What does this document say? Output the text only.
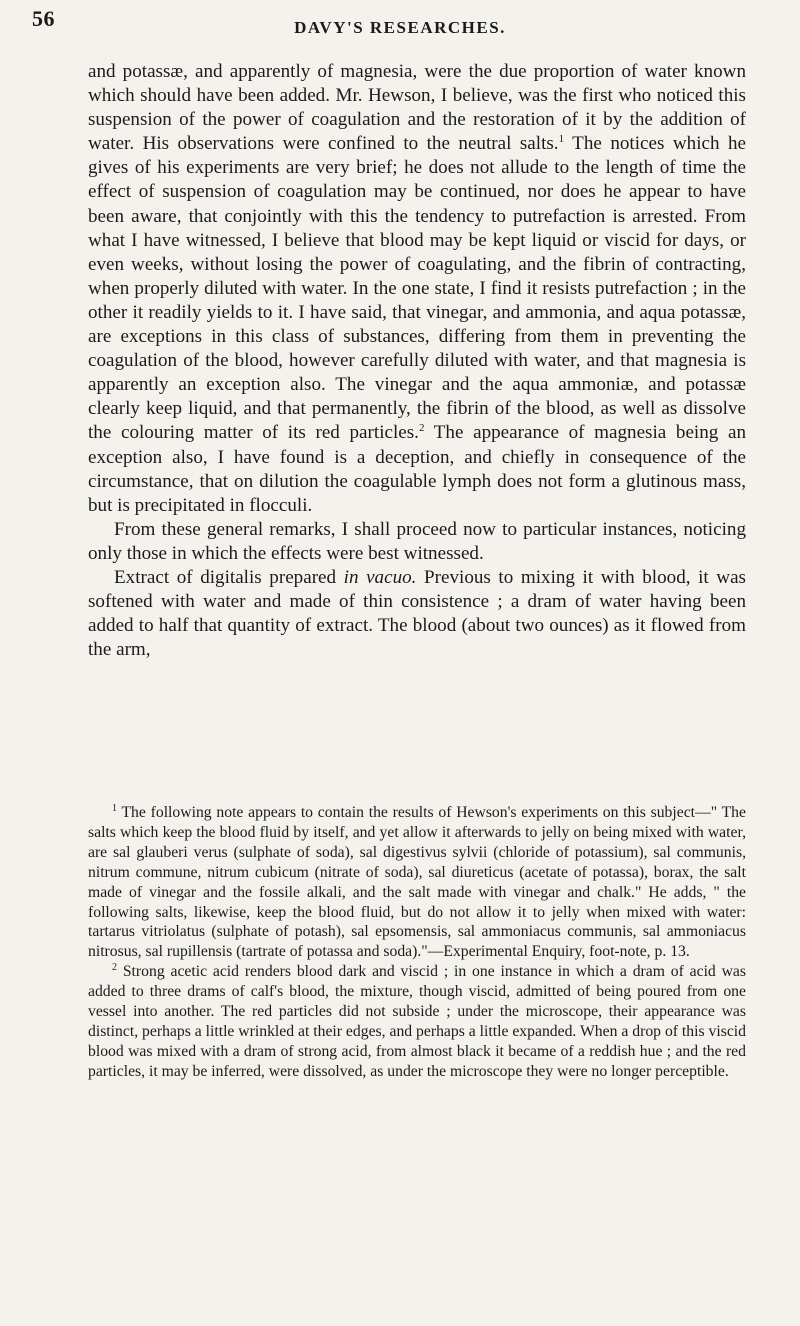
56	DAVY'S RESEARCHES.

and potassæ, and apparently of magnesia, were the due proportion of water known which should have been added. Mr. Hewson, I believe, was the first who noticed this suspension of the power of coagulation and the restoration of it by the addition of water. His observations were confined to the neutral salts.$^1$ The notices which he gives of his experiments are very brief; he does not allude to the length of time the effect of suspension of coagulation may be continued, nor does he appear to have been aware, that conjointly with this the tendency to putrefaction is arrested. From what I have witnessed, I believe that blood may be kept liquid or viscid for days, or even weeks, without losing the power of coagulating, and the fibrin of contracting, when properly diluted with water. In the one state, I find it resists putrefaction ; in the other it readily yields to it. I have said, that vinegar, and ammonia, and aqua potassæ, are exceptions in this class of substances, differing from them in preventing the coagulation of the blood, however carefully diluted with water, and that magnesia is apparently an exception also. The vinegar and the aqua ammoniæ, and potassæ clearly keep liquid, and that permanently, the fibrin of the blood, as well as dissolve the colouring matter of its red particles.$^2$ The appearance of magnesia being an exception also, I have found is a deception, and chiefly in consequence of the circumstance, that on dilution the coagulable lymph does not form a glutinous mass, but is precipitated in flocculi.

From these general remarks, I shall proceed now to particular instances, noticing only those in which the effects were best witnessed.

Extract of digitalis prepared in vacuo. Previous to mixing it with blood, it was softened with water and made of thin consistence ; a dram of water having been added to half that quantity of extract. The blood (about two ounces) as it flowed from the arm,

$^1$ The following note appears to contain the results of Hewson's experiments on this subject—" The salts which keep the blood fluid by itself, and yet allow it afterwards to jelly on being mixed with water, are sal glauberi verus (sulphate of soda), sal digestivus sylvii (chloride of potassium), sal communis, nitrum commune, nitrum cubicum (nitrate of soda), sal diureticus (acetate of potassa), borax, the salt made of vinegar and the fossile alkali, and the salt made with vinegar and chalk." He adds, " the following salts, likewise, keep the blood fluid, but do not allow it to jelly when mixed with water: tartarus vitriolatus (sulphate of potash), sal epsomensis, sal ammoniacus communis, sal ammoniacus nitrosus, sal rupillensis (tartrate of potassa and soda)."—Experimental Enquiry, foot-note, p. 13.

$^2$ Strong acetic acid renders blood dark and viscid ; in one instance in which a dram of acid was added to three drams of calf's blood, the mixture, though viscid, admitted of being poured from one vessel into another. The red particles did not subside ; under the microscope, their appearance was distinct, perhaps a little wrinkled at their edges, and perhaps a little expanded. When a drop of this viscid blood was mixed with a dram of strong acid, from almost black it became of a reddish hue ; and the red particles, it may be inferred, were dissolved, as under the microscope they were no longer perceptible.
